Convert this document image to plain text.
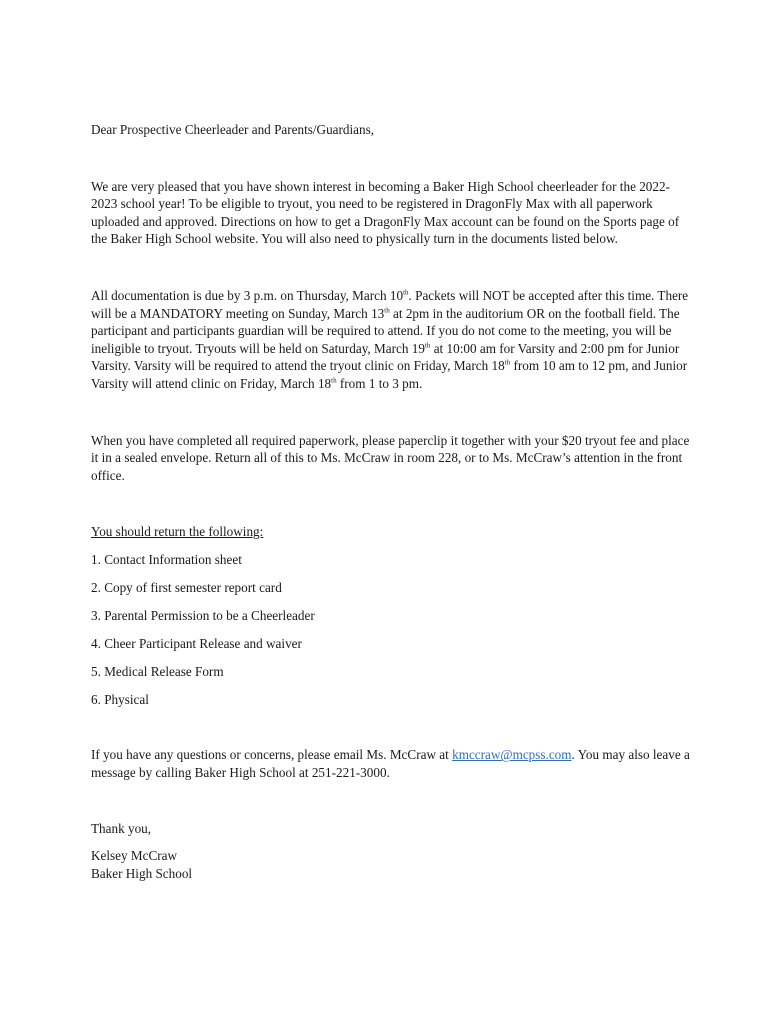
Dear Prospective Cheerleader and Parents/Guardians,

We are very pleased that you have shown interest in becoming a Baker High School cheerleader for the 2022-2023 school year! To be eligible to tryout, you need to be registered in DragonFly Max with all paperwork uploaded and approved. Directions on how to get a DragonFly Max account can be found on the Sports page of the Baker High School website. You will also need to physically turn in the documents listed below.

All documentation is due by 3 p.m. on Thursday, March 10th. Packets will NOT be accepted after this time. There will be a MANDATORY meeting on Sunday, March 13th at 2pm in the auditorium OR on the football field. The participant and participants guardian will be required to attend. If you do not come to the meeting, you will be ineligible to tryout. Tryouts will be held on Saturday, March 19th at 10:00 am for Varsity and 2:00 pm for Junior Varsity. Varsity will be required to attend the tryout clinic on Friday, March 18th from 10 am to 12 pm, and Junior Varsity will attend clinic on Friday, March 18th from 1 to 3 pm.

When you have completed all required paperwork, please paperclip it together with your $20 tryout fee and place it in a sealed envelope. Return all of this to Ms. McCraw in room 228, or to Ms. McCraw’s attention in the front office.

You should return the following:

1. Contact Information sheet

2. Copy of first semester report card

3. Parental Permission to be a Cheerleader

4. Cheer Participant Release and waiver

5. Medical Release Form

6. Physical

If you have any questions or concerns, please email Ms. McCraw at kmccraw@mcpss.com. You may also leave a message by calling Baker High School at 251-221-3000.

Thank you,

Kelsey McCraw

Baker High School
